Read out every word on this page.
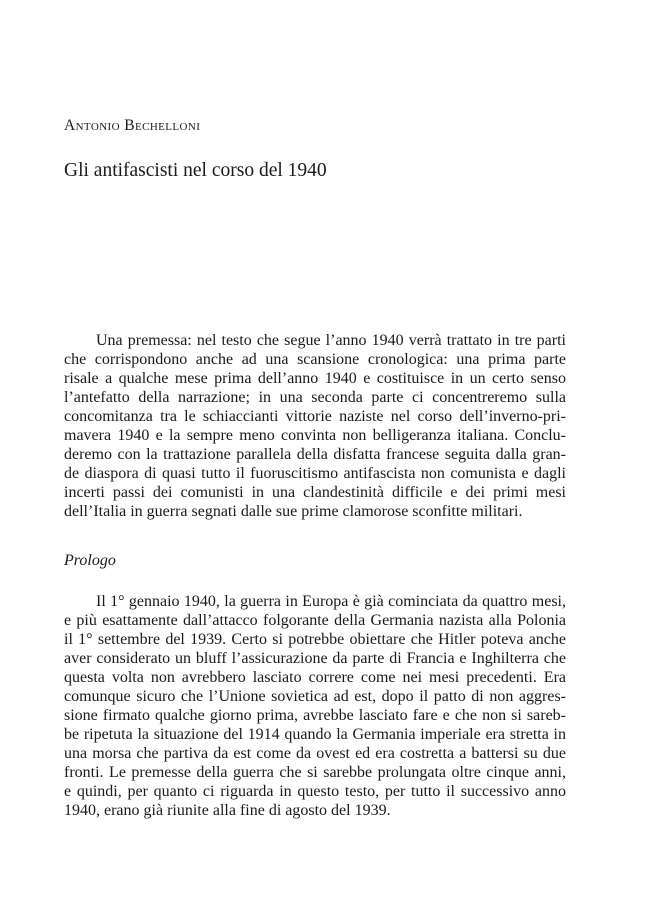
Antonio Bechelloni
Gli antifascisti nel corso del 1940
Una premessa: nel testo che segue l’anno 1940 verrà trattato in tre parti
che corrispondono anche ad una scansione cronologica: una prima parte
risale a qualche mese prima dell’anno 1940 e costituisce in un certo senso
l’antefatto della narrazione; in una seconda parte ci concentreremo sulla
concomitanza tra le schiaccianti vittorie naziste nel corso dell’inverno-pri-
mavera 1940 e la sempre meno convinta non belligeranza italiana. Conclu-
deremo con la trattazione parallela della disfatta francese seguita dalla gran-
de diaspora di quasi tutto il fuoruscitismo antifascista non comunista e dagli
incerti passi dei comunisti in una clandestinità difficile e dei primi mesi
dell’Italia in guerra segnati dalle sue prime clamorose sconfitte militari.
Prologo
Il 1° gennaio 1940, la guerra in Europa è già cominciata da quattro mesi,
e più esattamente dall’attacco folgorante della Germania nazista alla Polonia
il 1° settembre del 1939. Certo si potrebbe obiettare che Hitler poteva anche
aver considerato un bluff l’assicurazione da parte di Francia e Inghilterra che
questa volta non avrebbero lasciato correre come nei mesi precedenti. Era
comunque sicuro che l’Unione sovietica ad est, dopo il patto di non aggres-
sione firmato qualche giorno prima, avrebbe lasciato fare e che non si sareb-
be ripetuta la situazione del 1914 quando la Germania imperiale era stretta in
una morsa che partiva da est come da ovest ed era costretta a battersi su due
fronti. Le premesse della guerra che si sarebbe prolungata oltre cinque anni,
e quindi, per quanto ci riguarda in questo testo, per tutto il successivo anno
1940, erano già riunite alla fine di agosto del 1939.
